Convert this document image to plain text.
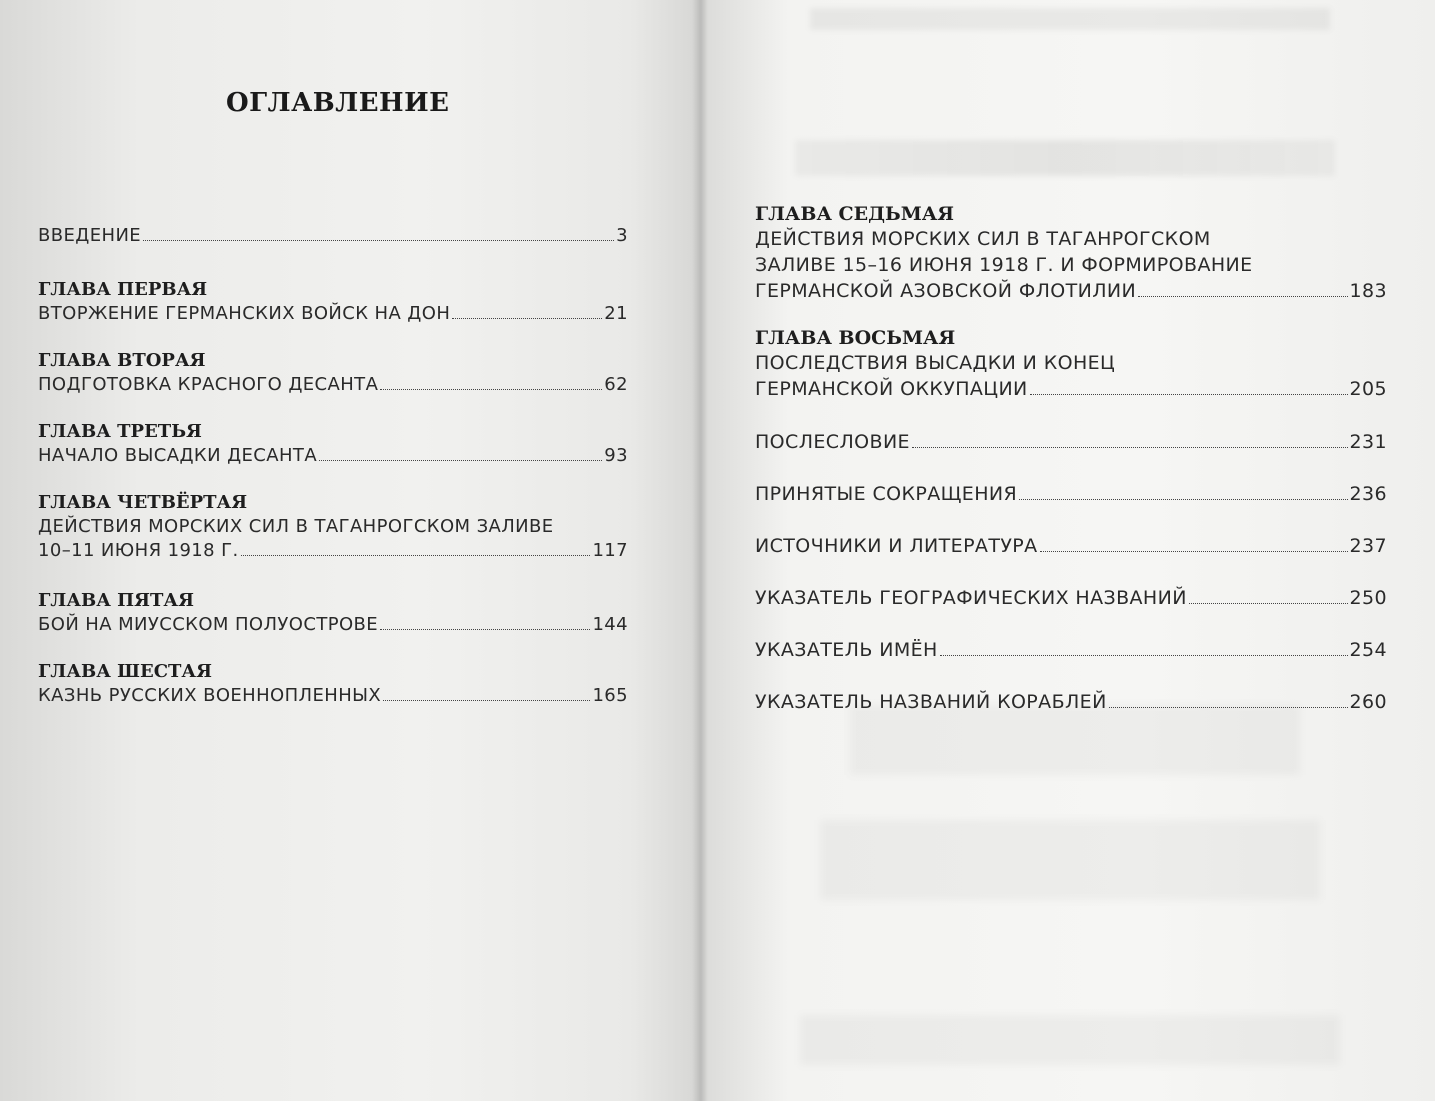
ОГЛАВЛЕНИЕ
ВВЕДЕНИЕ	3
ГЛАВА ПЕРВАЯ
ВТОРЖЕНИЕ ГЕРМАНСКИХ ВОЙСК НА ДОН	21
ГЛАВА ВТОРАЯ
ПОДГОТОВКА КРАСНОГО ДЕСАНТА	62
ГЛАВА ТРЕТЬЯ
НАЧАЛО ВЫСАДКИ ДЕСАНТА	93
ГЛАВА ЧЕТВЁРТАЯ
ДЕЙСТВИЯ МОРСКИХ СИЛ В ТАГАНРОГСКОМ ЗАЛИВЕ
10–11 ИЮНЯ 1918 Г.	117
ГЛАВА ПЯТАЯ
БОЙ НА МИУССКОМ ПОЛУОСТРОВЕ	144
ГЛАВА ШЕСТАЯ
КАЗНЬ РУССКИХ ВОЕННОПЛЕННЫХ	165
ГЛАВА СЕДЬМАЯ
ДЕЙСТВИЯ МОРСКИХ СИЛ В ТАГАНРОГСКОМ
ЗАЛИВЕ 15–16 ИЮНЯ 1918 Г. И ФОРМИРОВАНИЕ
ГЕРМАНСКОЙ АЗОВСКОЙ ФЛОТИЛИИ	183
ГЛАВА ВОСЬМАЯ
ПОСЛЕДСТВИЯ ВЫСАДКИ И КОНЕЦ
ГЕРМАНСКОЙ ОККУПАЦИИ	205
ПОСЛЕСЛОВИЕ	231
ПРИНЯТЫЕ СОКРАЩЕНИЯ	236
ИСТОЧНИКИ И ЛИТЕРАТУРА	237
УКАЗАТЕЛЬ ГЕОГРАФИЧЕСКИХ НАЗВАНИЙ	250
УКАЗАТЕЛЬ ИМЁН	254
УКАЗАТЕЛЬ НАЗВАНИЙ КОРАБЛЕЙ	260
